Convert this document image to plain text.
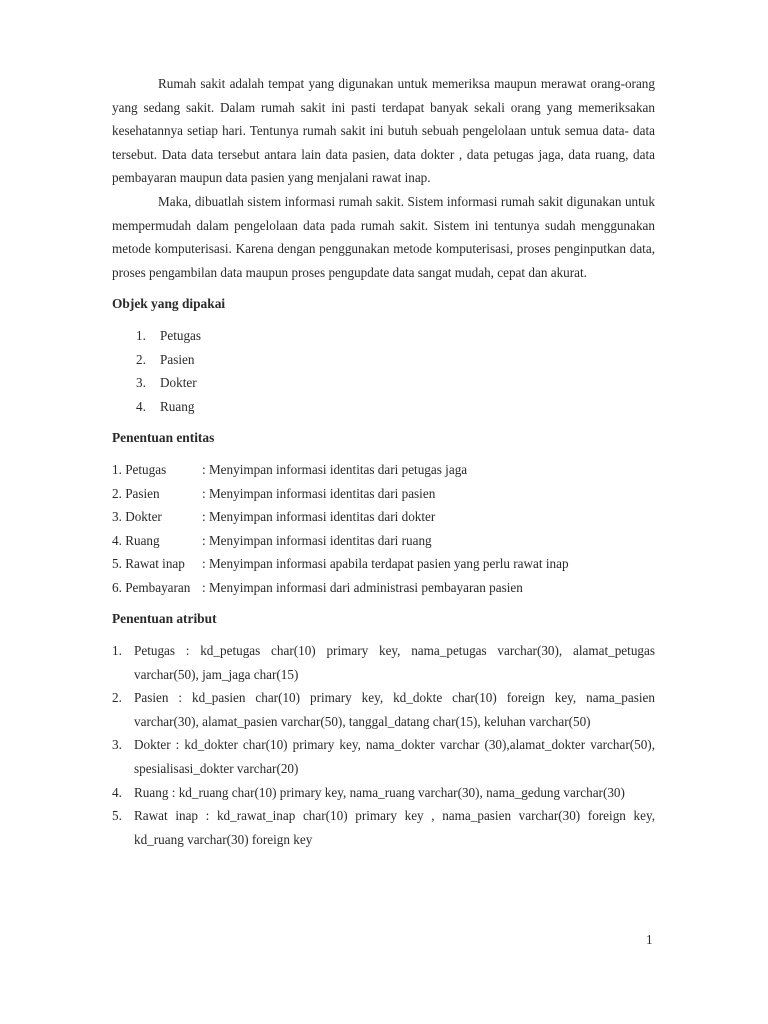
Rumah sakit adalah tempat yang digunakan untuk memeriksa maupun merawat orang-orang yang sedang sakit. Dalam rumah sakit ini pasti terdapat banyak sekali orang yang memeriksakan kesehatannya setiap hari. Tentunya rumah sakit ini butuh sebuah pengelolaan untuk semua data- data tersebut. Data data tersebut antara lain data pasien, data dokter , data petugas jaga, data ruang, data pembayaran maupun data pasien yang menjalani rawat inap.

Maka, dibuatlah sistem informasi rumah sakit. Sistem informasi rumah sakit digunakan untuk mempermudah dalam pengelolaan data pada rumah sakit. Sistem ini tentunya sudah menggunakan metode komputerisasi. Karena dengan penggunakan metode komputerisasi, proses penginputkan data, proses pengambilan data maupun proses pengupdate data sangat mudah, cepat dan akurat.

Objek yang dipakai
1.	Petugas
2.	Pasien
3.	Dokter
4.	Ruang
Penentuan entitas
1. Petugas	: Menyimpan informasi identitas dari petugas jaga
2. Pasien	: Menyimpan informasi identitas dari pasien
3. Dokter	: Menyimpan informasi identitas dari dokter
4. Ruang	: Menyimpan informasi identitas dari ruang
5. Rawat inap	: Menyimpan informasi apabila terdapat pasien yang perlu rawat inap
6. Pembayaran : Menyimpan informasi dari administrasi pembayaran pasien
Penentuan atribut
1. Petugas : kd_petugas char(10) primary key, nama_petugas varchar(30), alamat_petugas varchar(50), jam_jaga char(15)
2. Pasien : kd_pasien char(10) primary key, kd_dokte char(10) foreign key, nama_pasien varchar(30), alamat_pasien varchar(50), tanggal_datang char(15), keluhan varchar(50)
3. Dokter : kd_dokter char(10) primary key, nama_dokter varchar (30),alamat_dokter varchar(50), spesialisasi_dokter varchar(20)
4. Ruang : kd_ruang char(10) primary key, nama_ruang varchar(30), nama_gedung varchar(30)
5. Rawat inap : kd_rawat_inap char(10) primary key , nama_pasien varchar(30) foreign key, kd_ruang varchar(30) foreign key
1
